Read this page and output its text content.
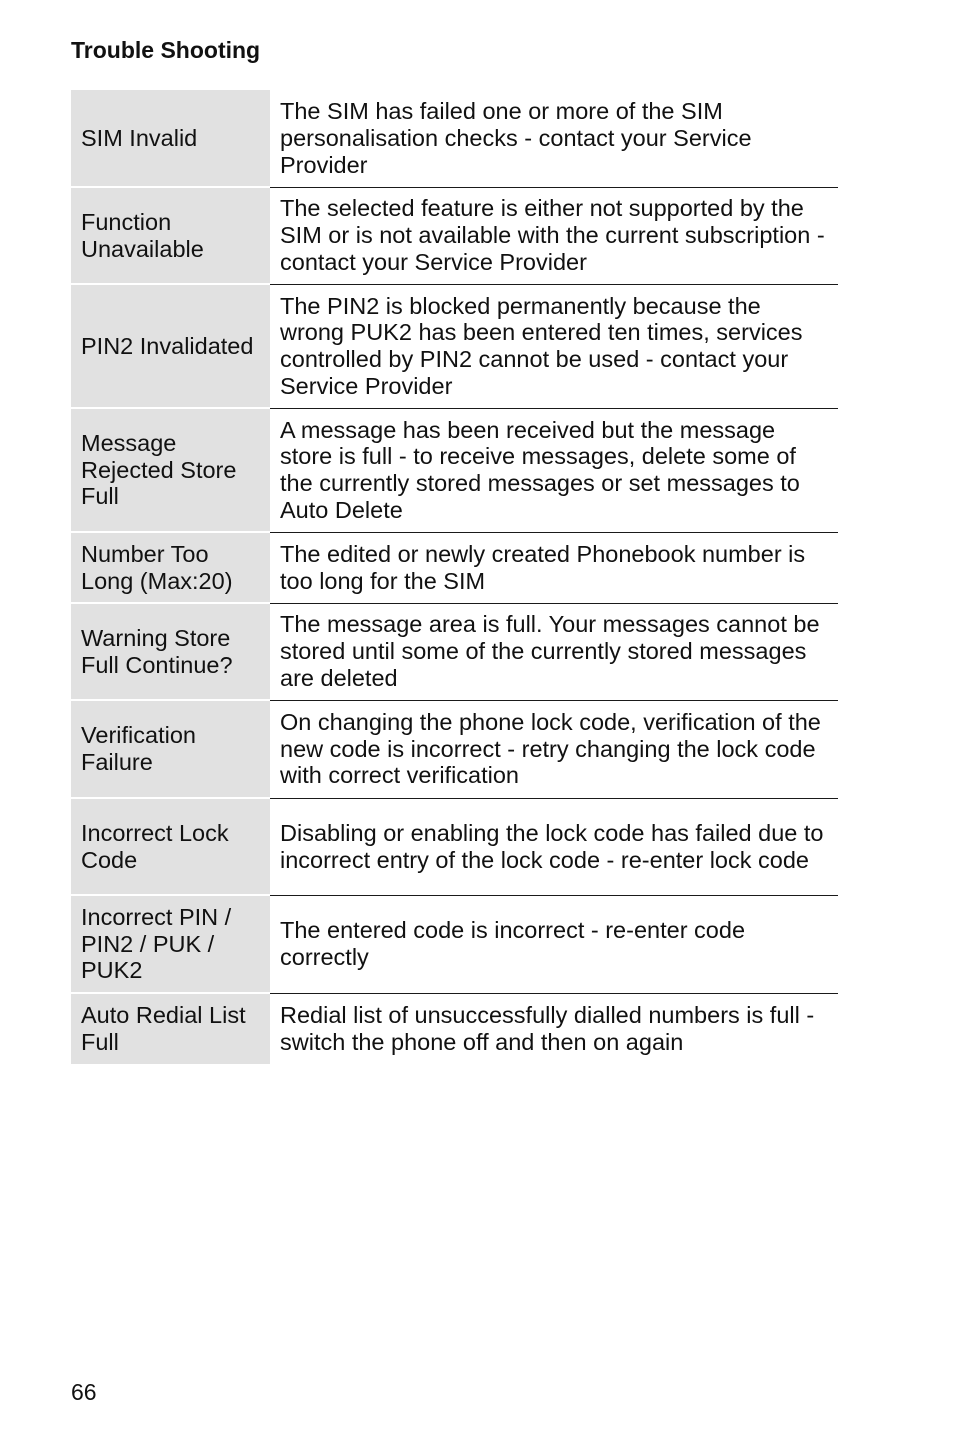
Trouble Shooting
SIM Invalid	The SIM has failed one or more of the SIM personalisation checks - contact your Service Provider
Function Unavailable	The selected feature is either not supported by the SIM or is not available with the current subscription - contact your Service Provider
PIN2 Invalidated	The PIN2 is blocked permanently because the wrong PUK2 has been entered ten times, services controlled by PIN2 cannot be used - contact your Service Provider
Message Rejected Store Full	A message has been received but the message store is full - to receive messages, delete some of the currently stored messages or set messages to Auto Delete
Number Too Long (Max:20)	The edited or newly created Phonebook number is too long for the SIM
Warning Store Full Continue?	The message area is full. Your messages cannot be stored until some of the currently stored messages are deleted
Verification Failure	On changing the phone lock code, verification of the new code is incorrect - retry changing the lock code with correct verification
Incorrect Lock Code	Disabling or enabling the lock code has failed due to incorrect entry of the lock code - re-enter lock code
Incorrect PIN / PIN2 / PUK / PUK2	The entered code is incorrect - re-enter code correctly
Auto Redial List Full	Redial list of unsuccessfully dialled numbers is full - switch the phone off and then on again
66
